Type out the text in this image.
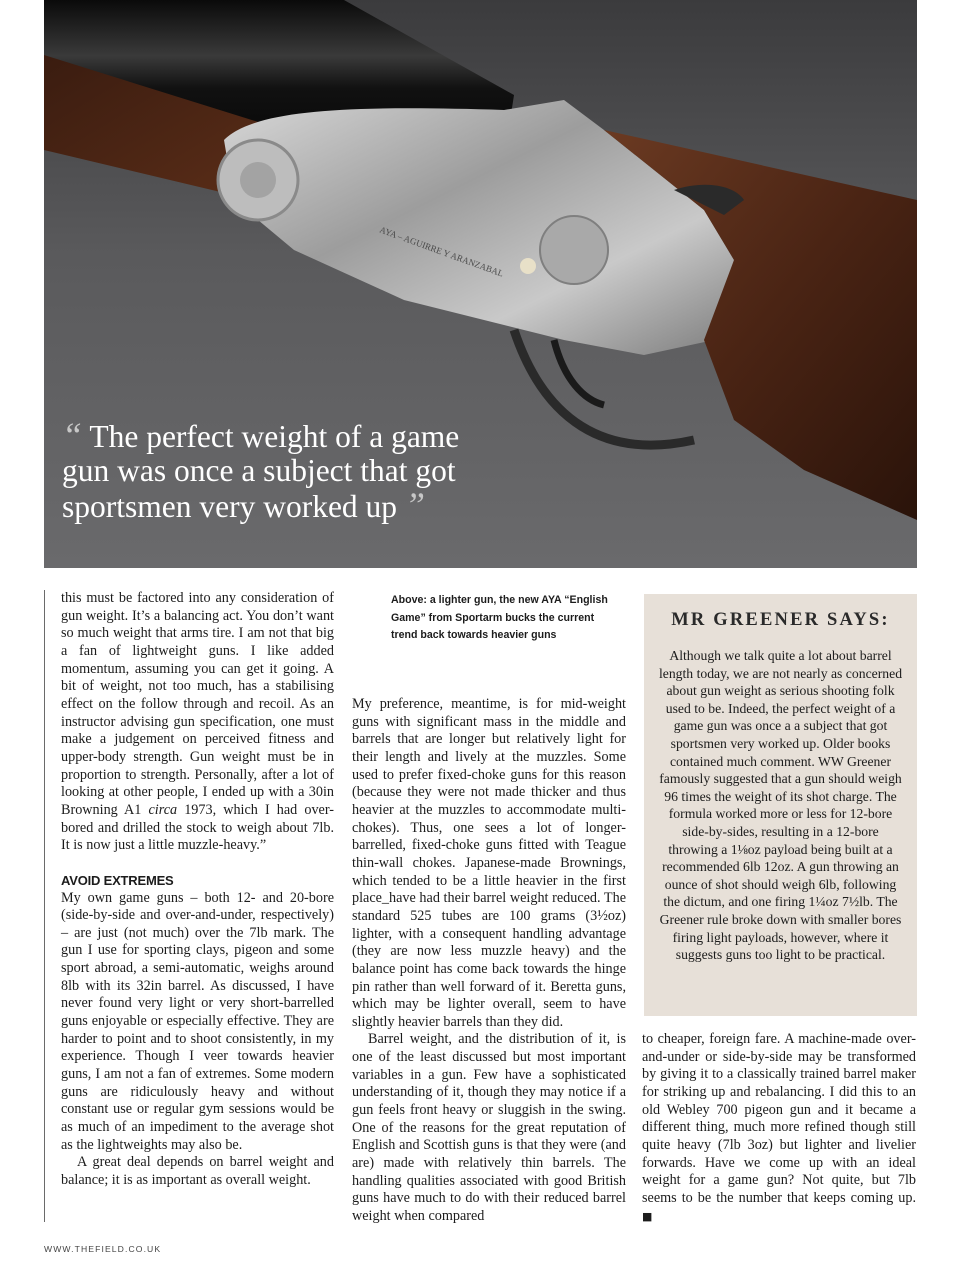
AYA – AGUIRRE Y ARANZABAL
“ The perfect weight of a game gun was once a subject that got sportsmen very worked up ”

this must be factored into any consideration of gun weight. It’s a balancing act. You don’t want so much weight that arms tire. I am not that big a fan of lightweight guns. I like added momentum, assuming you can get it going. A bit of weight, not too much, has a stabilising effect on the follow through and recoil. As an instructor advising gun specification, one must make a judgement on perceived fitness and upper-body strength. Gun weight must be in proportion to strength. Personally, after a lot of looking at other people, I ended up with a 30in Browning A1 circa 1973, which I had over-bored and drilled the stock to weigh about 7lb. It is now just a little muzzle-heavy.”

AVOID EXTREMES

My own game guns – both 12- and 20-bore (side-by-side and over-and-under, respectively) – are just (not much) over the 7lb mark. The gun I use for sporting clays, pigeon and some sport abroad, a semi-automatic, weighs around 8lb with its 32in barrel. As discussed, I have never found very light or very short-barrelled guns enjoyable or especially effective. They are harder to point and to shoot consistently, in my experience. Though I veer towards heavier guns, I am not a fan of extremes. Some modern guns are ridiculously heavy and without constant use or regular gym sessions would be as much of an impediment to the average shot as the lightweights may also be.

A great deal depends on barrel weight and balance; it is as important as overall weight.

Above: a lighter gun, the new AYA “English Game” from Sportarm bucks the current trend back towards heavier guns

My preference, meantime, is for mid-weight guns with significant mass in the middle and barrels that are longer but relatively light for their length and lively at the muzzles. Some used to prefer fixed-choke guns for this reason (because they were not made thicker and thus heavier at the muzzles to accommodate multi-chokes). Thus, one sees a lot of longer-barrelled, fixed-choke guns fitted with Teague thin-wall chokes. Japanese-made Brownings, which tended to be a little heavier in the first place_have had their barrel weight reduced. The standard 525 tubes are 100 grams (3½oz) lighter, with a consequent handling advantage (they are now less muzzle heavy) and the balance point has come back towards the hinge pin rather than well forward of it. Beretta guns, which may be lighter overall, seem to have slightly heavier barrels than they did.

Barrel weight, and the distribution of it, is one of the least discussed but most important variables in a gun. Few have a sophisticated understanding of it, though they may notice if a gun feels front heavy or sluggish in the swing. One of the reasons for the great reputation of English and Scottish guns is that they were (and are) made with relatively thin barrels. The handling qualities associated with good British guns have much to do with their reduced barrel weight when compared

MR GREENER SAYS:

Although we talk quite a lot about barrel length today, we are not nearly as concerned about gun weight as serious shooting folk used to be. Indeed, the perfect weight of a game gun was once a a subject that got sportsmen very worked up. Older books contained much comment. WW Greener famously suggested that a gun should weigh 96 times the weight of its shot charge. The formula worked more or less for 12-bore side-by-sides, resulting in a 12-bore throwing a 1⅛oz payload being built at a recommended 6lb 12oz. A gun throwing an ounce of shot should weigh 6lb, following the dictum, and one firing 1¼oz 7½lb. The Greener rule broke down with smaller bores firing light payloads, however, where it suggests guns too light to be practical.

to cheaper, foreign fare. A machine-made over-and-under or side-by-side may be transformed by giving it to a classically trained barrel maker for striking up and rebalancing. I did this to an old Webley 700 pigeon gun and it became a different thing, much more refined though still quite heavy (7lb 3oz) but lighter and livelier forwards. Have we come up with an ideal weight for a game gun? Not quite, but 7lb seems to be the number that keeps coming up. ■

WWW.THEFIELD.CO.UK
